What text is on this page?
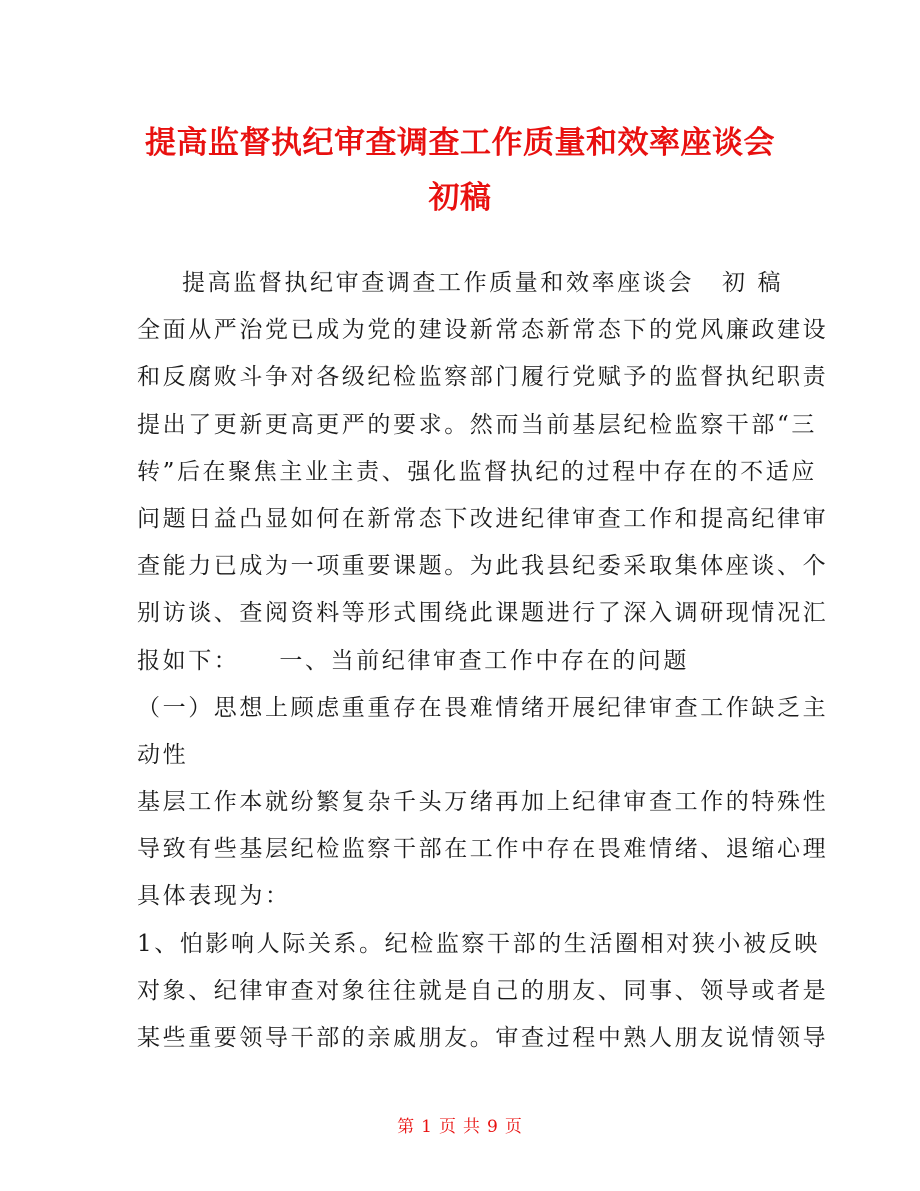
提高监督执纪审查调查工作质量和效率座谈会
初稿
提高监督执纪审查调查工作质量和效率座谈会 初 稿
全面从严治党已成为党的建设新常态新常态下的党风廉政建设
和反腐败斗争对各级纪检监察部门履行党赋予的监督执纪职责
提出了更新更高更严的要求。然而当前基层纪检监察干部“三
转”后在聚焦主业主责、强化监督执纪的过程中存在的不适应
问题日益凸显如何在新常态下改进纪律审查工作和提高纪律审
查能力已成为一项重要课题。为此我县纪委采取集体座谈、个
别访谈、查阅资料等形式围绕此课题进行了深入调研现情况汇
报如下： 一、当前纪律审查工作中存在的问题
（一）思想上顾虑重重存在畏难情绪开展纪律审查工作缺乏主
动性
基层工作本就纷繁复杂千头万绪再加上纪律审查工作的特殊性
导致有些基层纪检监察干部在工作中存在畏难情绪、退缩心理
具体表现为：
1、怕影响人际关系。纪检监察干部的生活圈相对狭小被反映
对象、纪律审查对象往往就是自己的朋友、同事、领导或者是
某些重要领导干部的亲戚朋友。审查过程中熟人朋友说情领导
第 1 页 共 9 页
